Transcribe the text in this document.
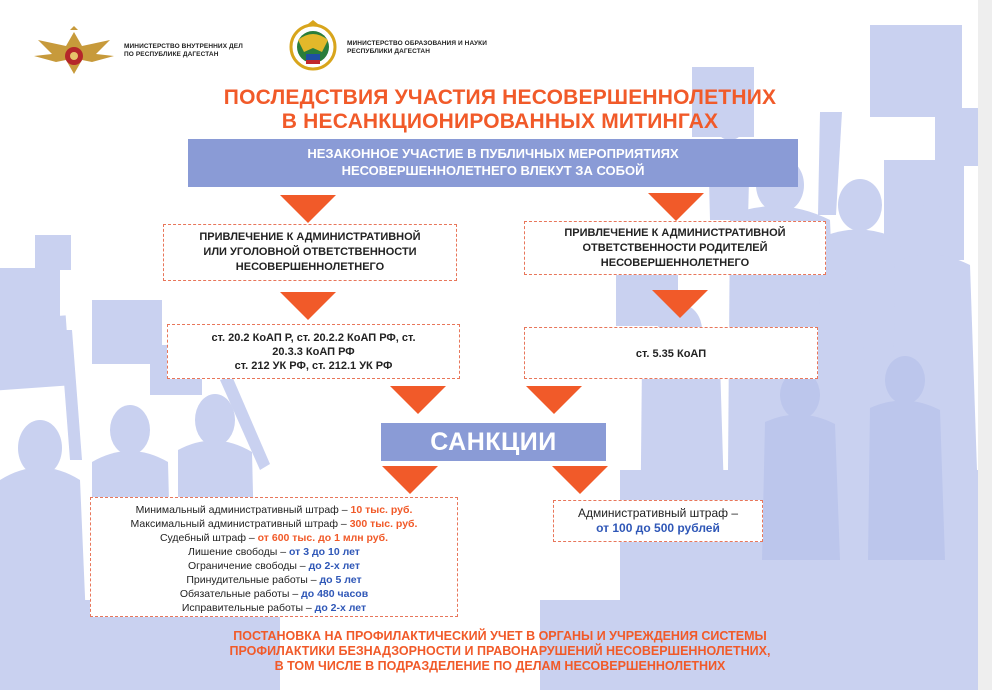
МИНИСТЕРСТВО ВНУТРЕННИХ ДЕЛ
ПО РЕСПУБЛИКЕ ДАГЕСТАН
МИНИСТЕРСТВО ОБРАЗОВАНИЯ И НАУКИ
РЕСПУБЛИКИ ДАГЕСТАН
ПОСЛЕДСТВИЯ УЧАСТИЯ НЕСОВЕРШЕННОЛЕТНИХ
В НЕСАНКЦИОНИРОВАННЫХ МИТИНГАХ
НЕЗАКОННОЕ УЧАСТИЕ В ПУБЛИЧНЫХ МЕРОПРИЯТИЯХ
НЕСОВЕРШЕННОЛЕТНЕГО ВЛЕКУТ ЗА СОБОЙ
ПРИВЛЕЧЕНИЕ К АДМИНИСТРАТИВНОЙ
ИЛИ УГОЛОВНОЙ ОТВЕТСТВЕННОСТИ
НЕСОВЕРШЕННОЛЕТНЕГО
ПРИВЛЕЧЕНИЕ К АДМИНИСТРАТИВНОЙ
ОТВЕТСТВЕННОСТИ РОДИТЕЛЕЙ
НЕСОВЕРШЕННОЛЕТНЕГО
ст. 20.2 КоАП Р, ст. 20.2.2 КоАП РФ, ст.
20.3.3 КоАП РФ
ст. 212 УК РФ, ст. 212.1 УК РФ
ст. 5.35 КоАП
САНКЦИИ
Минимальный административный штраф – 10 тыс. руб.
Максимальный административный штраф – 300 тыс. руб.
Судебный штраф – от 600 тыс. до 1 млн руб.
Лишение свободы – от 3 до 10 лет
Ограничение свободы – до 2-х лет
Принудительные работы – до 5 лет
Обязательные работы – до 480 часов
Исправительные работы – до 2-х лет
Административный штраф –
от 100 до 500 рублей
ПОСТАНОВКА НА ПРОФИЛАКТИЧЕСКИЙ УЧЕТ В ОРГАНЫ И УЧРЕЖДЕНИЯ СИСТЕМЫ
ПРОФИЛАКТИКИ БЕЗНАДЗОРНОСТИ И ПРАВОНАРУШЕНИЙ НЕСОВЕРШЕННОЛЕТНИХ,
В ТОМ ЧИСЛЕ В ПОДРАЗДЕЛЕНИЕ ПО ДЕЛАМ НЕСОВЕРШЕННОЛЕТНИХ
